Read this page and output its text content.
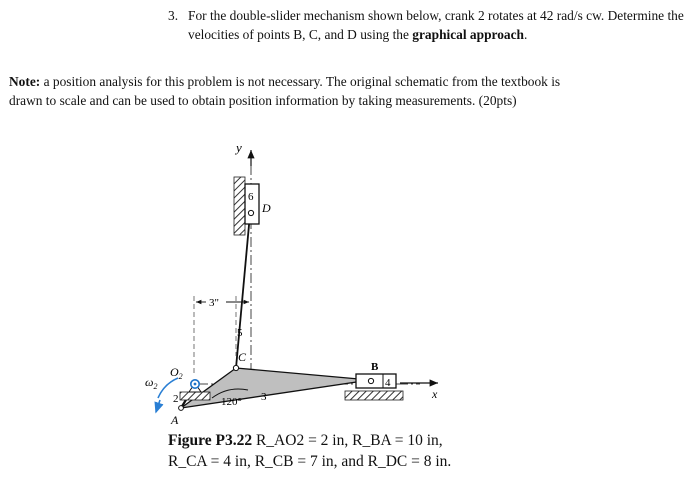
3. For the double-slider mechanism shown below, crank 2 rotates at 42 rad/s cw. Determine the
velocities of points B, C, and D using the graphical approach.
Note: a position analysis for this problem is not necessary. The original schematic from the textbook is
drawn to scale and can be used to obtain position information by taking measurements. (20pts)
y
x
4
B
5
6
D
C
2
$O_2$
A
$\omega_2$
120° 3
3"
Figure P3.22 R_AO2 = 2 in, R_BA = 10 in,
R_CA = 4 in, R_CB = 7 in, and R_DC = 8 in.
